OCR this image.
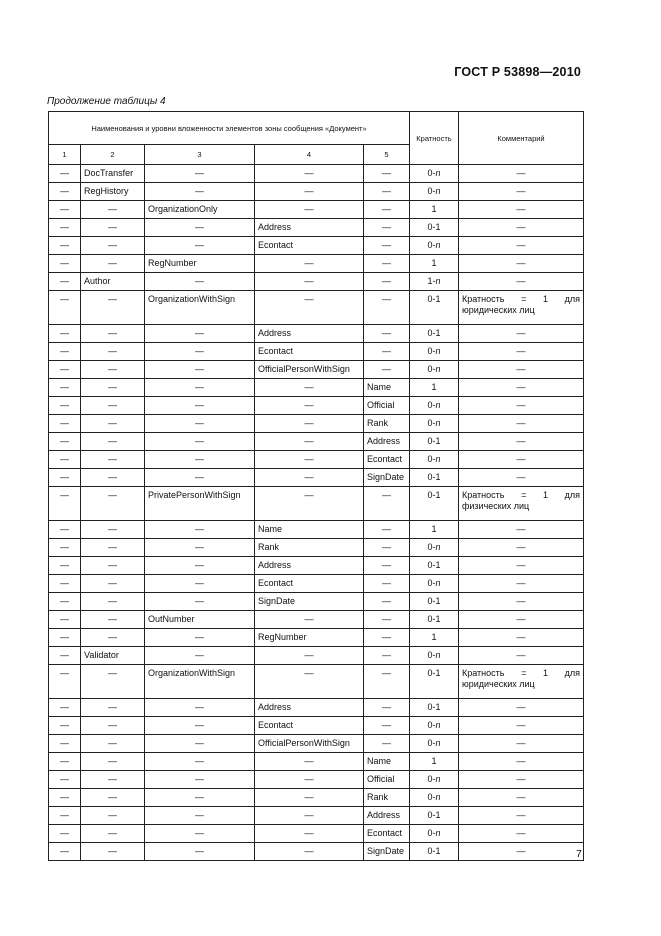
ГОСТ Р 53898—2010
Продолжение таблицы 4
Наименования и уровни вложенности элементов зоны сообщения «Документ»					Кратность	Комментарий
1	2	3	4	5		
—	DocTransfer	—	—	—	0-n	—
—	RegHistory	—	—	—	0-n	—
—	—	OrganizationOnly	—	—	1	—
—	—	—	Address	—	0-1	—
—	—	—	Econtact	—	0-n	—
—	—	RegNumber	—	—	1	—
—	Author	—	—	—	1-n	—
—	—	OrganizationWithSign	—	—	0-1	Кратность = 1 для юридических лиц
—	—	—	Address	—	0-1	—
—	—	—	Econtact	—	0-n	—
—	—	—	OfficialPersonWithSign	—	0-n	—
—	—	—	—	Name	1	—
—	—	—	—	Official	0-n	—
—	—	—	—	Rank	0-n	—
—	—	—	—	Address	0-1	—
—	—	—	—	Econtact	0-n	—
—	—	—	—	SignDate	0-1	—
—	—	PrivatePersonWithSign	—	—	0-1	Кратность = 1 для физических лиц
—	—	—	Name	—	1	—
—	—	—	Rank	—	0-n	—
—	—	—	Address	—	0-1	—
—	—	—	Econtact	—	0-n	—
—	—	—	SignDate	—	0-1	—
—	—	OutNumber	—	—	0-1	—
—	—	—	RegNumber	—	1	—
—	Validator	—	—	—	0-n	—
—	—	OrganizationWithSign	—	—	0-1	Кратность = 1 для юридических лиц
—	—	—	Address	—	0-1	—
—	—	—	Econtact	—	0-n	—
—	—	—	OfficialPersonWithSign	—	0-n	—
—	—	—	—	Name	1	—
—	—	—	—	Official	0-n	—
—	—	—	—	Rank	0-n	—
—	—	—	—	Address	0-1	—
—	—	—	—	Econtact	0-n	—
—	—	—	—	SignDate	0-1	—	7
